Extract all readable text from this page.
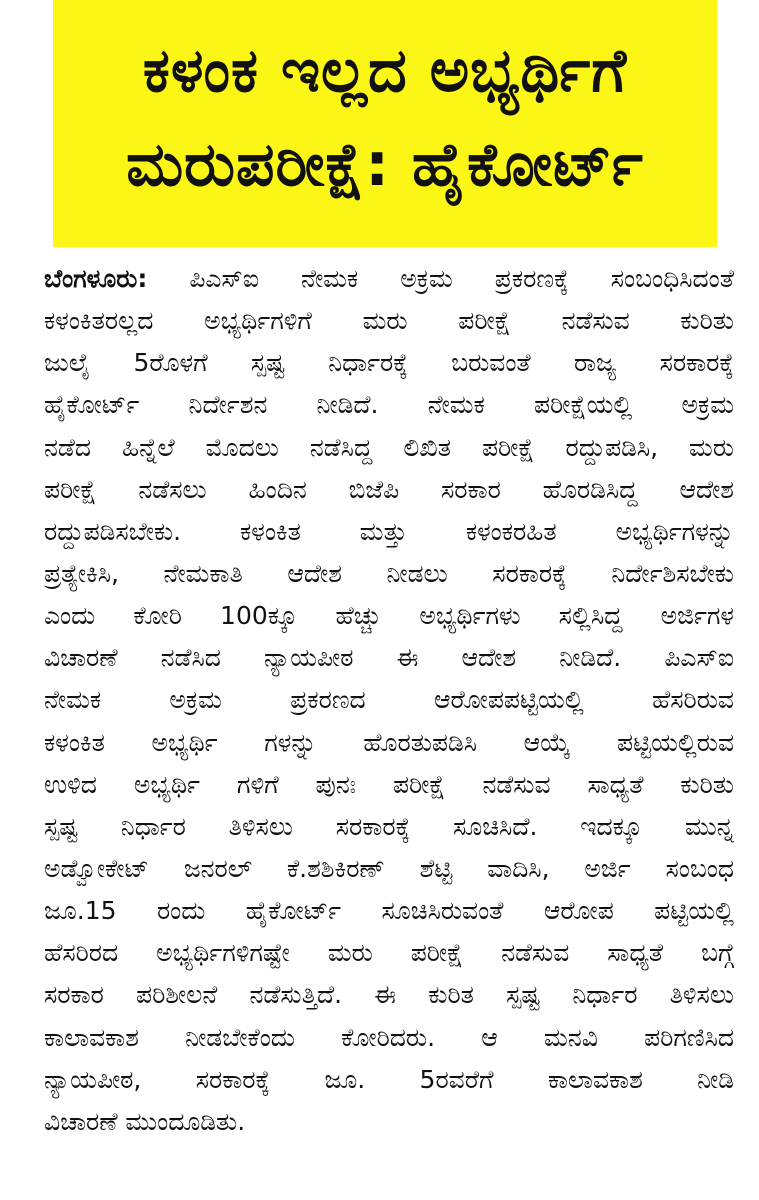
ಕಳಂಕ ಇಲ್ಲದ ಅಭ್ಯರ್ಥಿಗೆ
ಮರುಪರೀಕ್ಷೆ: ಹೈಕೋರ್ಟ್
ಬೆಂಗಳೂರು: ಪಿಎಸ್‌ಐ ನೇಮಕ ಅಕ್ರಮ ಪ್ರಕರಣಕ್ಕೆ ಸಂಬಂಧಿಸಿದಂತೆ
ಕಳಂಕಿತರಲ್ಲದ ಅಭ್ಯರ್ಥಿಗಳಿಗೆ ಮರು ಪರೀಕ್ಷೆ ನಡೆಸುವ ಕುರಿತು
ಜುಲೈ 5ರೊಳಗೆ ಸ್ಪಷ್ಟ ನಿರ್ಧಾರಕ್ಕೆ ಬರುವಂತೆ ರಾಜ್ಯ ಸರಕಾರಕ್ಕೆ
ಹೈಕೋರ್ಟ್ ನಿರ್ದೇಶನ ನೀಡಿದೆ. ನೇಮಕ ಪರೀಕ್ಷೆಯಲ್ಲಿ ಅಕ್ರಮ
ನಡೆದ ಹಿನ್ನೆಲೆ ಮೊದಲು ನಡೆಸಿದ್ದ ಲಿಖಿತ ಪರೀಕ್ಷೆ ರದ್ದುಪಡಿಸಿ, ಮರು
ಪರೀಕ್ಷೆ ನಡೆಸಲು ಹಿಂದಿನ ಬಿಜೆಪಿ ಸರಕಾರ ಹೊರಡಿಸಿದ್ದ ಆದೇಶ
ರದ್ದುಪಡಿಸಬೇಕು. ಕಳಂಕಿತ ಮತ್ತು ಕಳಂಕರಹಿತ ಅಭ್ಯರ್ಥಿಗಳನ್ನು
ಪ್ರತ್ಯೇಕಿಸಿ, ನೇಮಕಾತಿ ಆದೇಶ ನೀಡಲು ಸರಕಾರಕ್ಕೆ ನಿರ್ದೇಶಿಸಬೇಕು
ಎಂದು ಕೋರಿ 100ಕ್ಕೂ ಹೆಚ್ಚು ಅಭ್ಯರ್ಥಿಗಳು ಸಲ್ಲಿಸಿದ್ದ ಅರ್ಜಿಗಳ
ವಿಚಾರಣೆ ನಡೆಸಿದ ನ್ಯಾಯಪೀಠ ಈ ಆದೇಶ ನೀಡಿದೆ. ಪಿಎಸ್‌ಐ
ನೇಮಕ ಅಕ್ರಮ ಪ್ರಕರಣದ ಆರೋಪಪಟ್ಟಿಯಲ್ಲಿ ಹೆಸರಿರುವ
ಕಳಂಕಿತ ಅಭ್ಯರ್ಥಿ ಗಳನ್ನು ಹೊರತುಪಡಿಸಿ ಆಯ್ಕೆ ಪಟ್ಟಿಯಲ್ಲಿರುವ
ಉಳಿದ ಅಭ್ಯರ್ಥಿ ಗಳಿಗೆ ಪುನಃ ಪರೀಕ್ಷೆ ನಡೆಸುವ ಸಾಧ್ಯತೆ ಕುರಿತು
ಸ್ಪಷ್ಟ ನಿರ್ಧಾರ ತಿಳಿಸಲು ಸರಕಾರಕ್ಕೆ ಸೂಚಿಸಿದೆ. ಇದಕ್ಕೂ ಮುನ್ನ
ಅಡ್ವೋಕೇಟ್ ಜನರಲ್ ಕೆ.ಶಶಿಕಿರಣ್ ಶೆಟ್ಟಿ ವಾದಿಸಿ, ಅರ್ಜಿ ಸಂಬಂಧ
ಜೂ.15 ರಂದು ಹೈಕೋರ್ಟ್ ಸೂಚಿಸಿರುವಂತೆ ಆರೋಪ ಪಟ್ಟಿಯಲ್ಲಿ
ಹೆಸರಿರದ ಅಭ್ಯರ್ಥಿಗಳಿಗಷ್ಟೇ ಮರು ಪರೀಕ್ಷೆ ನಡೆಸುವ ಸಾಧ್ಯತೆ ಬಗ್ಗೆ
ಸರಕಾರ ಪರಿಶೀಲನೆ ನಡೆಸುತ್ತಿದೆ. ಈ ಕುರಿತ ಸ್ಪಷ್ಟ ನಿರ್ಧಾರ ತಿಳಿಸಲು
ಕಾಲಾವಕಾಶ ನೀಡಬೇಕೆಂದು ಕೋರಿದರು. ಆ ಮನವಿ ಪರಿಗಣಿಸಿದ
ನ್ಯಾಯಪೀಠ, ಸರಕಾರಕ್ಕೆ ಜೂ. 5ರವರೆಗೆ ಕಾಲಾವಕಾಶ ನೀಡಿ
ವಿಚಾರಣೆ ಮುಂದೂಡಿತು.
